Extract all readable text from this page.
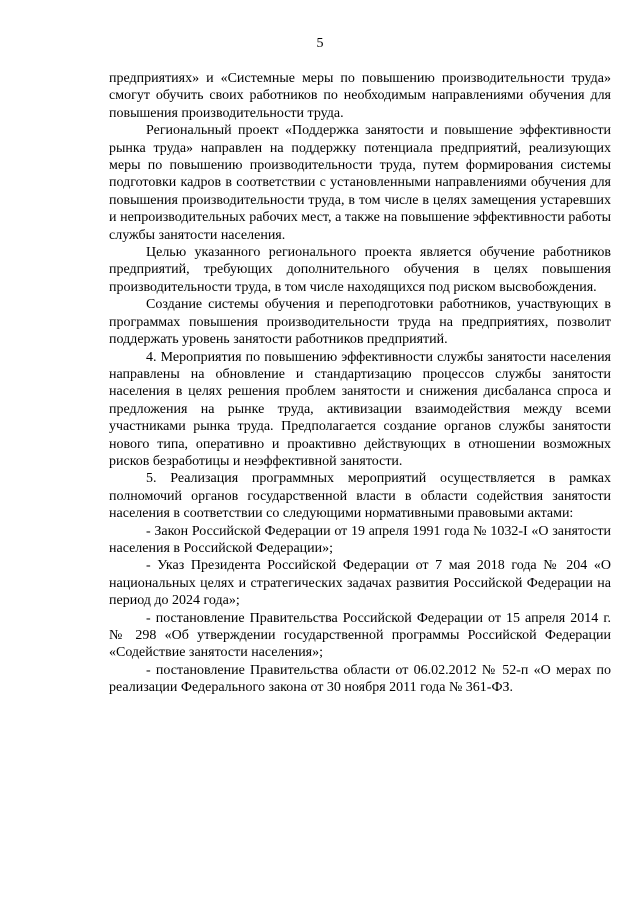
5

предприятиях» и «Системные меры по повышению производительности труда» смогут обучить своих работников по необходимым направлениями обучения для повышения производительности труда.

Региональный проект «Поддержка занятости и повышение эффективности рынка труда» направлен на поддержку потенциала предприятий, реализующих меры по повышению производительности труда, путем формирования системы подготовки кадров в соответствии с установленными направлениями обучения для повышения производительности труда, в том числе в целях замещения устаревших и непроизводительных рабочих мест, а также на повышение эффективности работы службы занятости населения.

Целью указанного регионального проекта является обучение работников предприятий, требующих дополнительного обучения в целях повышения производительности труда, в том числе находящихся под риском высвобождения.

Создание системы обучения и переподготовки работников, участвующих в программах повышения производительности труда на предприятиях, позволит поддержать уровень занятости работников предприятий.

4. Мероприятия по повышению эффективности службы занятости населения направлены на обновление и стандартизацию процессов службы занятости населения в целях решения проблем занятости и снижения дисбаланса спроса и предложения на рынке труда, активизации взаимодействия между всеми участниками рынка труда. Предполагается создание органов службы занятости нового типа, оперативно и проактивно действующих в отношении возможных рисков безработицы и неэффективной занятости.

5. Реализация программных мероприятий осуществляется в рамках полномочий органов государственной власти в области содействия занятости населения в соответствии со следующими нормативными правовыми актами:

- Закон Российской Федерации от 19 апреля 1991 года № 1032-I «О занятости населения в Российской Федерации»;

- Указ Президента Российской Федерации от 7 мая 2018 года № 204 «О национальных целях и стратегических задачах развития Российской Федерации на период до 2024 года»;

- постановление Правительства Российской Федерации от 15 апреля 2014 г. № 298 «Об утверждении государственной программы Российской Федерации «Содействие занятости населения»;

- постановление Правительства области от 06.02.2012 № 52-п «О мерах по реализации Федерального закона от 30 ноября 2011 года № 361-ФЗ.
